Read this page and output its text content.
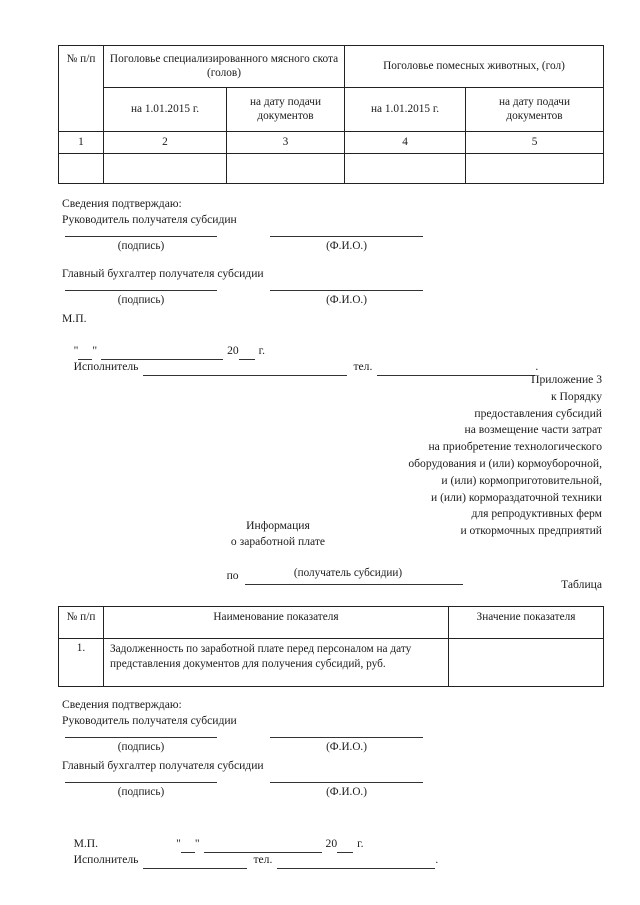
№ п/п	Поголовье специализированного мясного скота (голов)		Поголовье помесных животных, (гол)	
	на 1.01.2015 г.	на дату подачи документов	на 1.01.2015 г.	на дату подачи документов
1	2	3	4	5

Сведения подтверждаю:
Руководитель получателя субсидин
(подпись)	(Ф.И.О.)
Главный бухгалтер получателя субсидии
(подпись)	(Ф.И.О.)
М.П.

" "	20 г.

Исполнитель	тел.	.

Приложение 3
к Порядку
предоставления субсидий
на возмещение части затрат
на приобретение технологического
оборудования и (или) кормоуборочной,
и (или) кормоприготовительной,
и (или) кормораздаточной техники
для репродуктивных ферм
и откормочных предприятий
Информация
о заработной плате

по
	(получатель субсидии)
Таблица
№ п/п	Наименование показателя	Значение показателя
1.	Задолженность по заработной плате перед персоналом на дату представления документов для получения субсидий, руб.	
Сведения подтверждаю:
Руководитель получателя субсидии
(подпись)	(Ф.И.О.)
Главный бухгалтер получателя субсидии
(подпись)	(Ф.И.О.)

М.П.	" "	20 г.

Исполнитель	тел.	.
